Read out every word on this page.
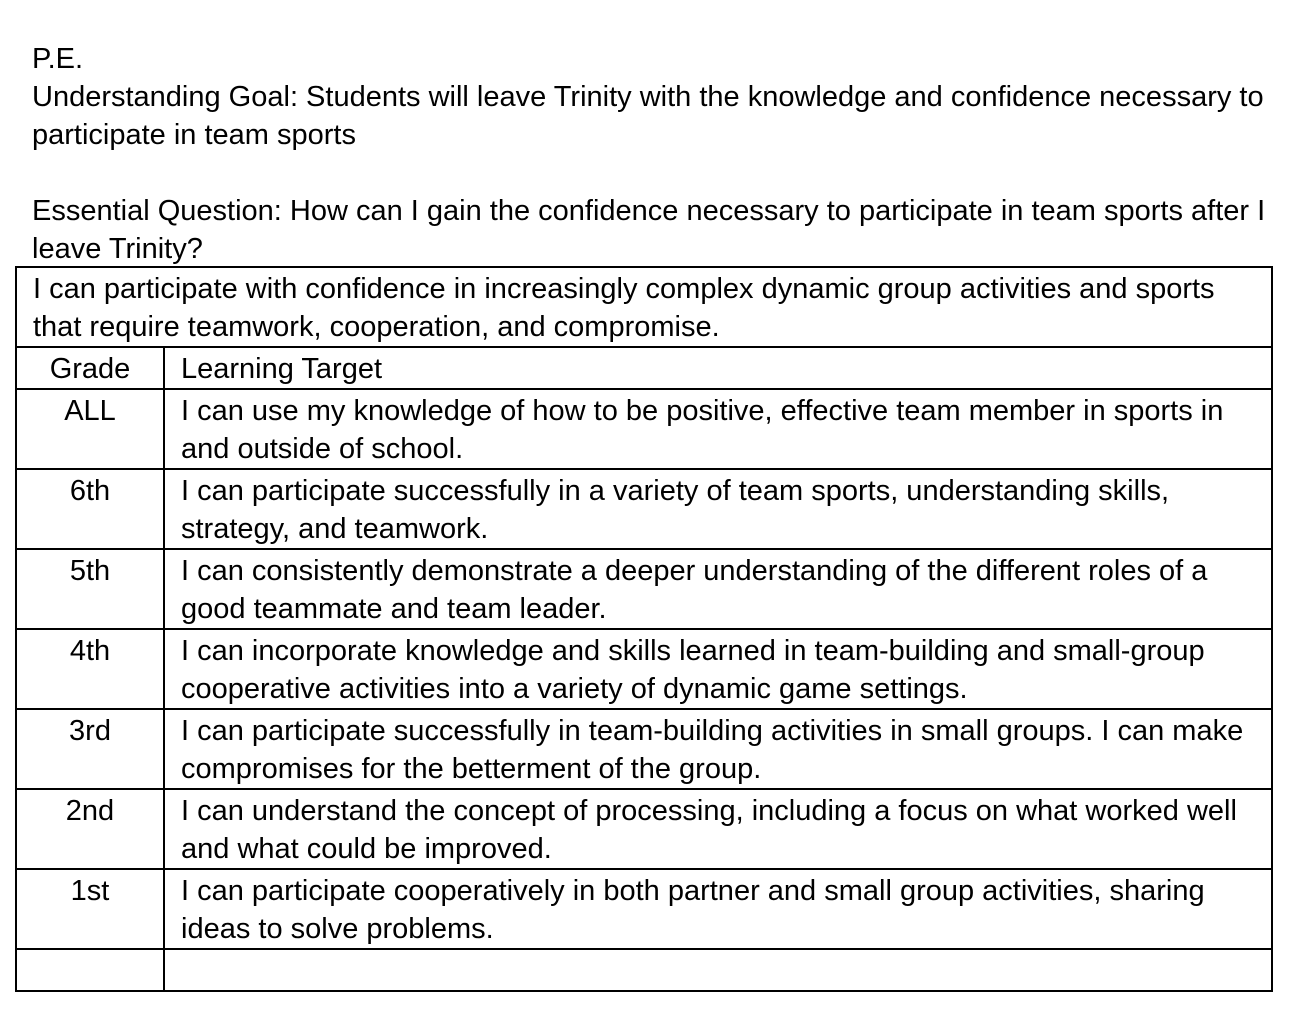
P.E.

Understanding Goal: Students will leave Trinity with the knowledge and confidence necessary to participate in team sports

Essential Question: How can I gain the confidence necessary to participate in team sports after I leave Trinity?

I can participate with confidence in increasingly complex dynamic group activities and sports that require teamwork, cooperation, and compromise.	
Grade	Learning Target
ALL	I can use my knowledge of how to be positive, effective team member in sports in and outside of school.
6th	I can participate successfully in a variety of team sports, understanding skills, strategy, and teamwork.
5th	I can consistently demonstrate a deeper understanding of the different roles of a good teammate and team leader.
4th	I can incorporate knowledge and skills learned in team-building and small-group cooperative activities into a variety of dynamic game settings.
3rd	I can participate successfully in team-building activities in small groups. I can make compromises for the betterment of the group.
2nd	I can understand the concept of processing, including a focus on what worked well and what could be improved.
1st	I can participate cooperatively in both partner and small group activities, sharing ideas to solve problems.
